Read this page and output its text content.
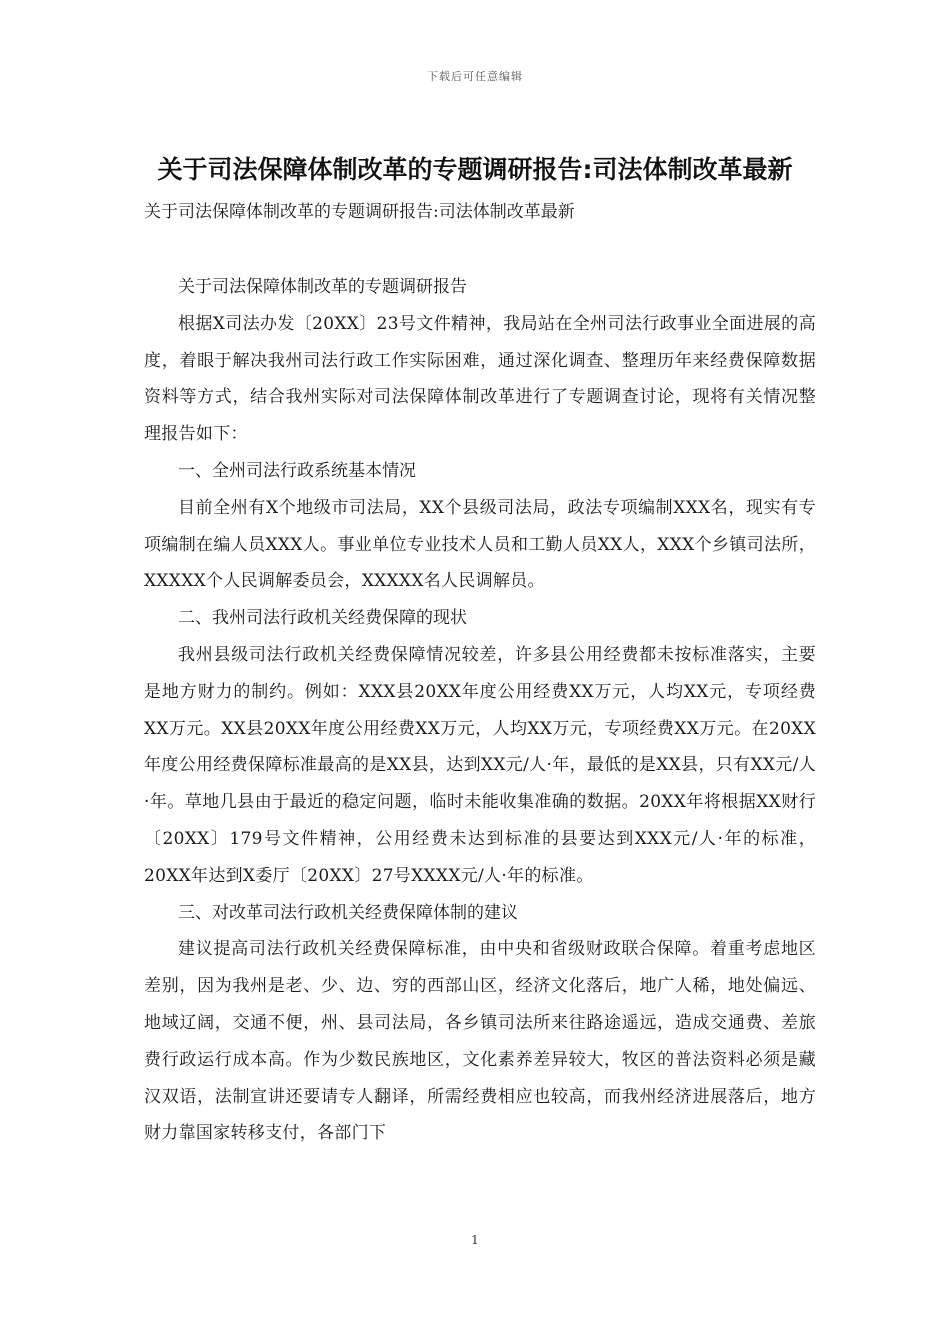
下载后可任意编辑
关于司法保障体制改革的专题调研报告:司法体制改革最新

关于司法保障体制改革的专题调研报告:司法体制改革最新

关于司法保障体制改革的专题调研报告

根据X司法办发〔20XX〕23号文件精神，我局站在全州司法行政事业全面进展的高度，着眼于解决我州司法行政工作实际困难，通过深化调查、整理历年来经费保障数据资料等方式，结合我州实际对司法保障体制改革进行了专题调查讨论，现将有关情况整理报告如下：

一、全州司法行政系统基本情况

目前全州有X个地级市司法局，XX个县级司法局，政法专项编制XXX名，现实有专项编制在编人员XXX人。事业单位专业技术人员和工勤人员XX人，XXX个乡镇司法所，XXXXX个人民调解委员会，XXXXX名人民调解员。

二、我州司法行政机关经费保障的现状

我州县级司法行政机关经费保障情况较差，许多县公用经费都未按标准落实，主要是地方财力的制约。例如：XXX县20XX年度公用经费XX万元，人均XX元，专项经费XX万元。XX县20XX年度公用经费XX万元，人均XX万元，专项经费XX万元。在20XX年度公用经费保障标准最高的是XX县，达到XX元/人·年，最低的是XX县，只有XX元/人·年。草地几县由于最近的稳定问题，临时未能收集准确的数据。20XX年将根据XX财行〔20XX〕179号文件精神，公用经费未达到标准的县要达到XXX元/人·年的标准，20XX年达到X委厅〔20XX〕27号XXXX元/人·年的标准。

三、对改革司法行政机关经费保障体制的建议

建议提高司法行政机关经费保障标准，由中央和省级财政联合保障。着重考虑地区差别，因为我州是老、少、边、穷的西部山区，经济文化落后，地广人稀，地处偏远、地域辽阔，交通不便，州、县司法局，各乡镇司法所来往路途遥远，造成交通费、差旅费行政运行成本高。作为少数民族地区，文化素养差异较大，牧区的普法资料必须是藏汉双语，法制宣讲还要请专人翻译，所需经费相应也较高，而我州经济进展落后，地方财力靠国家转移支付，各部门下

1
